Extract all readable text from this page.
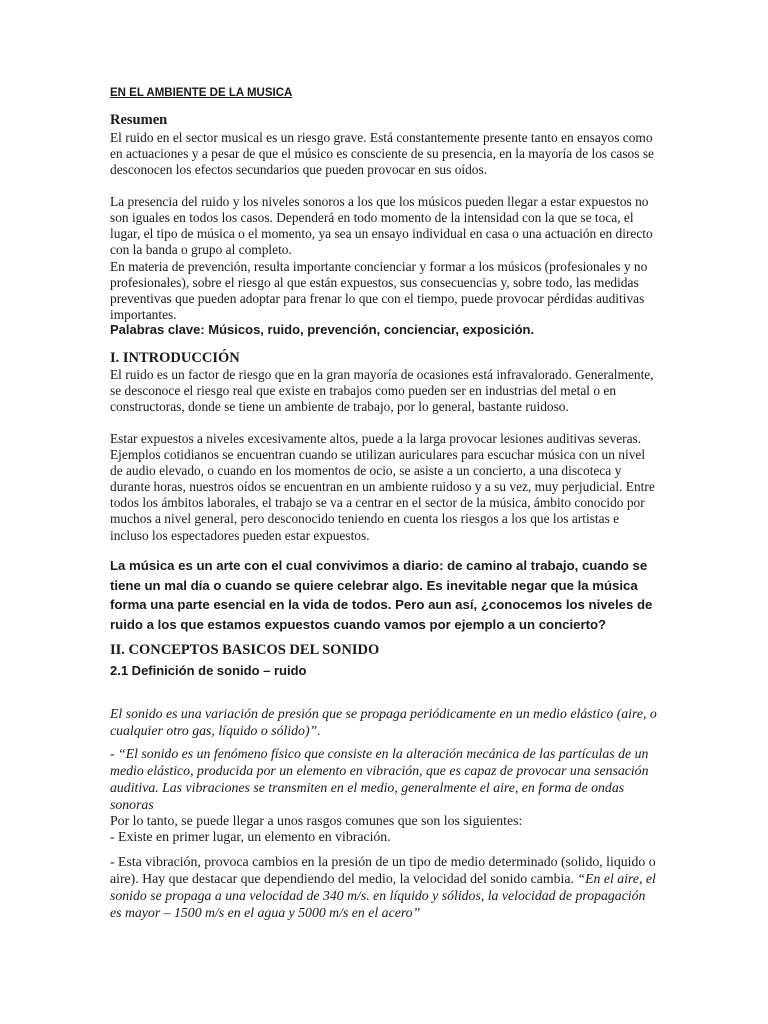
EN EL AMBIENTE DE LA MUSICA
Resumen

El ruido en el sector musical es un riesgo grave. Está constantemente presente tanto en ensayos como en actuaciones y a pesar de que el músico es consciente de su presencia, en la mayoría de los casos se desconocen los efectos secundarios que pueden provocar en sus oídos.

La presencia del ruido y los niveles sonoros a los que los músicos pueden llegar a estar expuestos no son iguales en todos los casos. Dependerá en todo momento de la intensidad con la que se toca, el lugar, el tipo de música o el momento, ya sea un ensayo individual en casa o una actuación en directo con la banda o grupo al completo.

En materia de prevención, resulta importante concienciar y formar a los músicos (profesionales y no profesionales), sobre el riesgo al que están expuestos, sus consecuencias y, sobre todo, las medidas preventivas que pueden adoptar para frenar lo que con el tiempo, puede provocar pérdidas auditivas importantes.

Palabras clave: Músicos, ruido, prevención, concienciar, exposición.
I. INTRODUCCIÓN

El ruido es un factor de riesgo que en la gran mayoría de ocasiones está infravalorado. Generalmente, se desconoce el riesgo real que existe en trabajos como pueden ser en industrias del metal o en constructoras, donde se tiene un ambiente de trabajo, por lo general, bastante ruidoso.

Estar expuestos a niveles excesivamente altos, puede a la larga provocar lesiones auditivas severas. Ejemplos cotidianos se encuentran cuando se utilizan auriculares para escuchar música con un nivel de audio elevado, o cuando en los momentos de ocio, se asiste a un concierto, a una discoteca y durante horas, nuestros oídos se encuentran en un ambiente ruidoso y a su vez, muy perjudicial. Entre todos los ámbitos laborales, el trabajo se va a centrar en el sector de la música, ámbito conocido por muchos a nivel general, pero desconocido teniendo en cuenta los riesgos a los que los artistas e incluso los espectadores pueden estar expuestos.

La música es un arte con el cual convivimos a diario: de camino al trabajo, cuando se tiene un mal día o cuando se quiere celebrar algo. Es inevitable negar que la música forma una parte esencial en la vida de todos. Pero aun así, ¿conocemos los niveles de ruido a los que estamos expuestos cuando vamos por ejemplo a un concierto?

II. CONCEPTOS BASICOS DEL SONIDO
2.1 Definición de sonido – ruido

El sonido es una variación de presión que se propaga periódicamente en un medio elástico (aire, o cualquier otro gas, líquido o sólido)”.

- “El sonido es un fenómeno físico que consiste en la alteración mecánica de las partículas de un medio elástico, producida por un elemento en vibración, que es capaz de provocar una sensación auditiva. Las vibraciones se transmiten en el medio, generalmente el aire, en forma de ondas sonoras

Por lo tanto, se puede llegar a unos rasgos comunes que son los siguientes:

- Existe en primer lugar, un elemento en vibración.

- Esta vibración, provoca cambios en la presión de un tipo de medio determinado (solido, liquido o aire). Hay que destacar que dependiendo del medio, la velocidad del sonido cambia. “En el aire, el sonido se propaga a una velocidad de 340 m/s. en líquido y sólidos, la velocidad de propagación es mayor – 1500 m/s en el agua y 5000 m/s en el acero”
